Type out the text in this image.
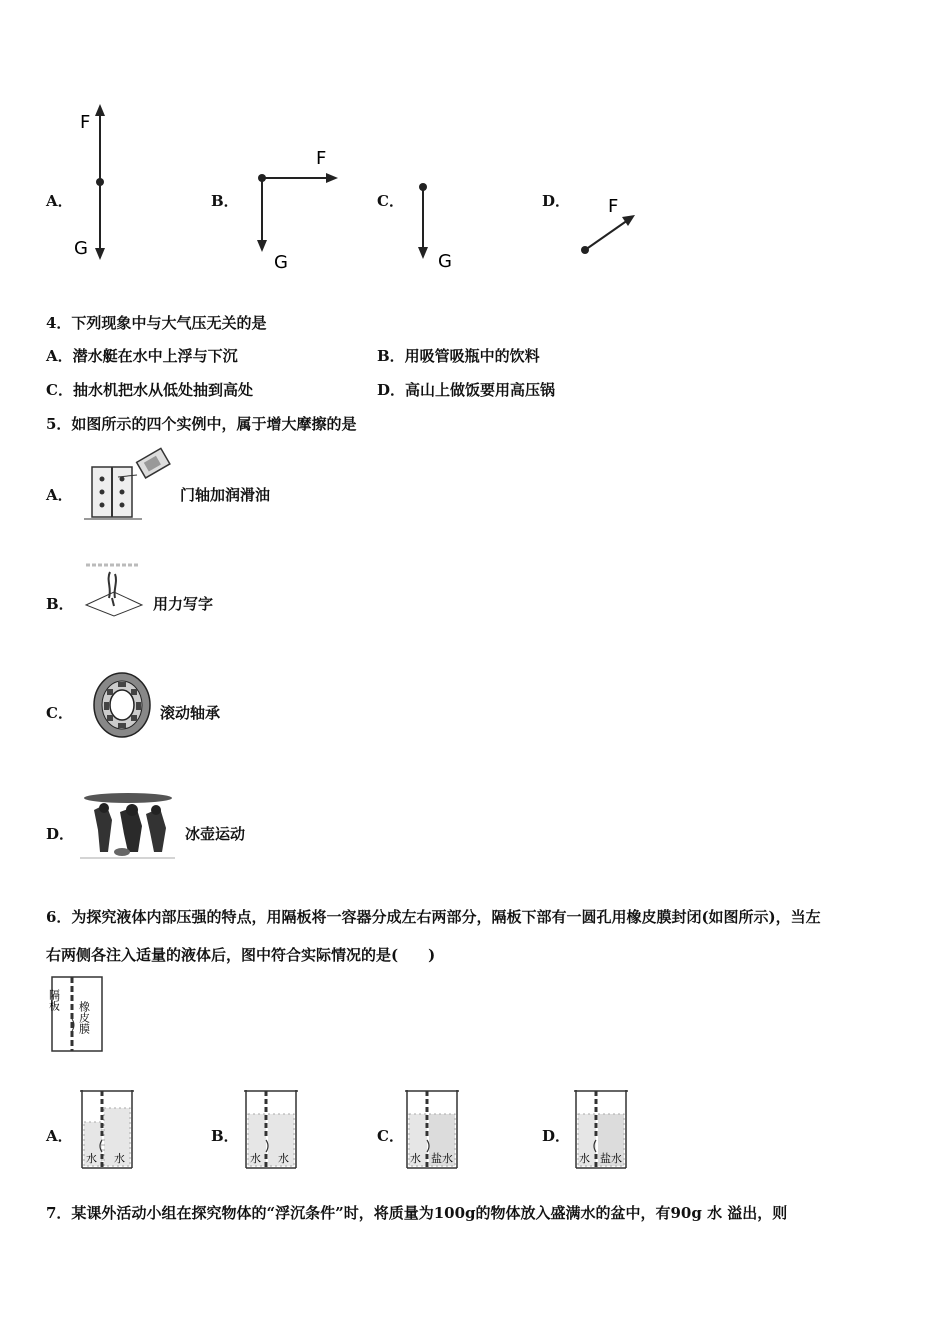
A．
F
G
B．
F
G
C．
G
D． F
4．下列现象中与大气压无关的是
A．潜水艇在水中上浮与下沉	B．用吸管吸瓶中的饮料
C．抽水机把水从低处抽到高处	D．高山上做饭要用高压锅
5．如图所示的四个实例中，属于增大摩擦的是
A．	门轴加润滑油
B．	用力写字
C．	滚动轴承
D．	冰壶运动
6．为探究液体内部压强的特点，用隔板将一容器分成左右两部分，隔板下部有一圆孔用橡皮膜封闭(如图所示)，当左
右两侧各注入适量的液体后，图中符合实际情况的是(　　)
隔板
橡皮膜
A．
水 水
B．
水 水
C．
水 盐水
D．
水 盐水
7．某课外活动小组在探究物体的“浮沉条件”时，将质量为100g的物体放入盛满水的盆中，有90g 水 溢出，则
